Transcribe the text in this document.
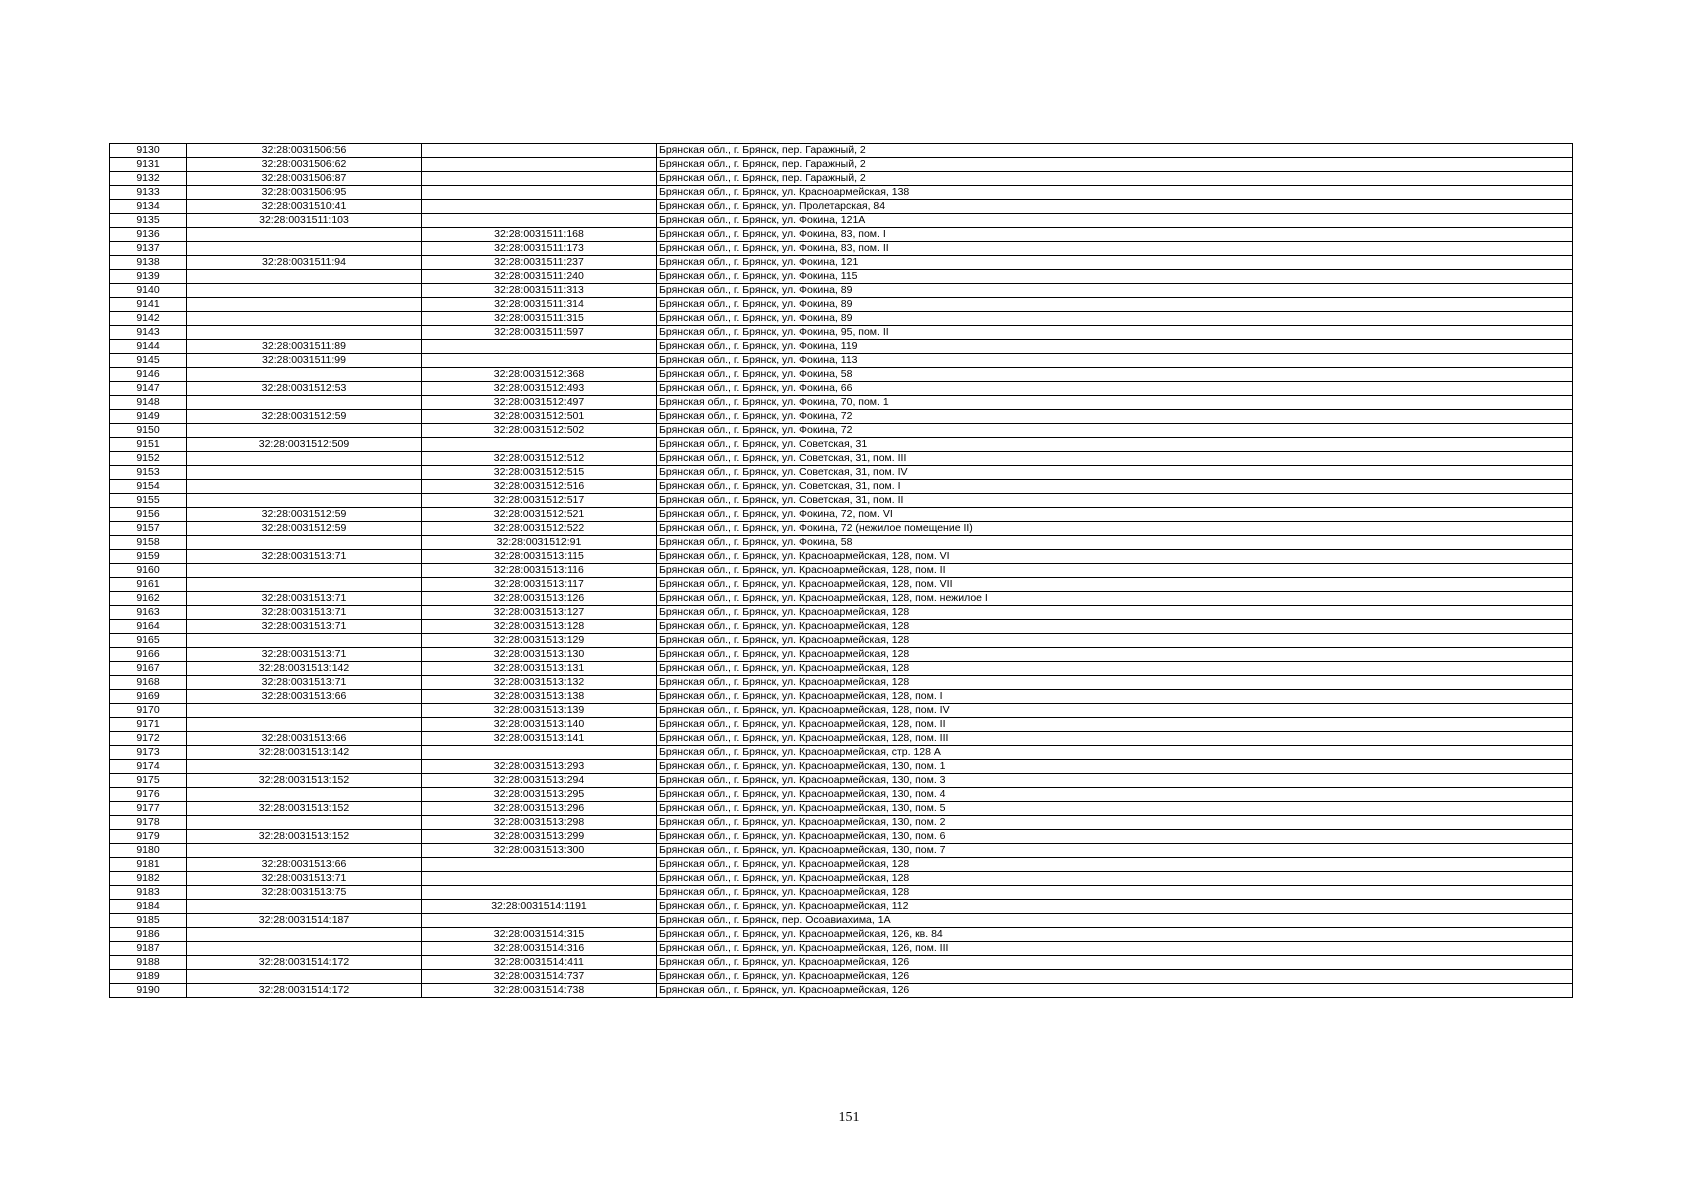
9130	32:28:0031506:56		Брянская обл., г. Брянск, пер. Гаражный, 2
9131	32:28:0031506:62		Брянская обл., г. Брянск, пер. Гаражный, 2
9132	32:28:0031506:87		Брянская обл., г. Брянск, пер. Гаражный, 2
9133	32:28:0031506:95		Брянская обл., г. Брянск, ул. Красноармейская, 138
9134	32:28:0031510:41		Брянская обл., г. Брянск, ул. Пролетарская, 84
9135	32:28:0031511:103		Брянская обл., г. Брянск, ул. Фокина, 121А
9136		32:28:0031511:168	Брянская обл., г. Брянск, ул. Фокина, 83, пом. I
9137		32:28:0031511:173	Брянская обл., г. Брянск, ул. Фокина, 83, пом. II
9138	32:28:0031511:94	32:28:0031511:237	Брянская обл., г. Брянск, ул. Фокина, 121
9139		32:28:0031511:240	Брянская обл., г. Брянск, ул. Фокина, 115
9140		32:28:0031511:313	Брянская обл., г. Брянск, ул. Фокина, 89
9141		32:28:0031511:314	Брянская обл., г. Брянск, ул. Фокина, 89
9142		32:28:0031511:315	Брянская обл., г. Брянск, ул. Фокина, 89
9143		32:28:0031511:597	Брянская обл., г. Брянск, ул. Фокина, 95, пом. II
9144	32:28:0031511:89		Брянская обл., г. Брянск, ул. Фокина, 119
9145	32:28:0031511:99		Брянская обл., г. Брянск, ул. Фокина, 113
9146		32:28:0031512:368	Брянская обл., г. Брянск, ул. Фокина, 58
9147	32:28:0031512:53	32:28:0031512:493	Брянская обл., г. Брянск, ул. Фокина, 66
9148		32:28:0031512:497	Брянская обл., г. Брянск, ул. Фокина, 70, пом. 1
9149	32:28:0031512:59	32:28:0031512:501	Брянская обл., г. Брянск, ул. Фокина, 72
9150		32:28:0031512:502	Брянская обл., г. Брянск, ул. Фокина, 72
9151	32:28:0031512:509		Брянская обл., г. Брянск, ул. Советская, 31
9152		32:28:0031512:512	Брянская обл., г. Брянск, ул. Советская, 31, пом. III
9153		32:28:0031512:515	Брянская обл., г. Брянск, ул. Советская, 31, пом. IV
9154		32:28:0031512:516	Брянская обл., г. Брянск, ул. Советская, 31, пом. I
9155		32:28:0031512:517	Брянская обл., г. Брянск, ул. Советская, 31, пом. II
9156	32:28:0031512:59	32:28:0031512:521	Брянская обл., г. Брянск, ул. Фокина, 72, пом. VI
9157	32:28:0031512:59	32:28:0031512:522	Брянская обл., г. Брянск, ул. Фокина, 72 (нежилое помещение II)
9158		32:28:0031512:91	Брянская обл., г. Брянск, ул. Фокина, 58
9159	32:28:0031513:71	32:28:0031513:115	Брянская обл., г. Брянск, ул. Красноармейская, 128, пом. VI
9160		32:28:0031513:116	Брянская обл., г. Брянск, ул. Красноармейская, 128, пом. II
9161		32:28:0031513:117	Брянская обл., г. Брянск, ул. Красноармейская, 128, пом. VII
9162	32:28:0031513:71	32:28:0031513:126	Брянская обл., г. Брянск, ул. Красноармейская, 128, пом. нежилое I
9163	32:28:0031513:71	32:28:0031513:127	Брянская обл., г. Брянск, ул. Красноармейская, 128
9164	32:28:0031513:71	32:28:0031513:128	Брянская обл., г. Брянск, ул. Красноармейская, 128
9165		32:28:0031513:129	Брянская обл., г. Брянск, ул. Красноармейская, 128
9166	32:28:0031513:71	32:28:0031513:130	Брянская обл., г. Брянск, ул. Красноармейская, 128
9167	32:28:0031513:142	32:28:0031513:131	Брянская обл., г. Брянск, ул. Красноармейская, 128
9168	32:28:0031513:71	32:28:0031513:132	Брянская обл., г. Брянск, ул. Красноармейская, 128
9169	32:28:0031513:66	32:28:0031513:138	Брянская обл., г. Брянск, ул. Красноармейская, 128, пом. I
9170		32:28:0031513:139	Брянская обл., г. Брянск, ул. Красноармейская, 128, пом. IV
9171		32:28:0031513:140	Брянская обл., г. Брянск, ул. Красноармейская, 128, пом. II
9172	32:28:0031513:66	32:28:0031513:141	Брянская обл., г. Брянск, ул. Красноармейская, 128, пом. III
9173	32:28:0031513:142		Брянская обл., г. Брянск, ул. Красноармейская, стр. 128 А
9174		32:28:0031513:293	Брянская обл., г. Брянск, ул. Красноармейская, 130, пом. 1
9175	32:28:0031513:152	32:28:0031513:294	Брянская обл., г. Брянск, ул. Красноармейская, 130, пом. 3
9176		32:28:0031513:295	Брянская обл., г. Брянск, ул. Красноармейская, 130, пом. 4
9177	32:28:0031513:152	32:28:0031513:296	Брянская обл., г. Брянск, ул. Красноармейская, 130, пом. 5
9178		32:28:0031513:298	Брянская обл., г. Брянск, ул. Красноармейская, 130, пом. 2
9179	32:28:0031513:152	32:28:0031513:299	Брянская обл., г. Брянск, ул. Красноармейская, 130, пом. 6
9180		32:28:0031513:300	Брянская обл., г. Брянск, ул. Красноармейская, 130, пом. 7
9181	32:28:0031513:66		Брянская обл., г. Брянск, ул. Красноармейская, 128
9182	32:28:0031513:71		Брянская обл., г. Брянск, ул. Красноармейская, 128
9183	32:28:0031513:75		Брянская обл., г. Брянск, ул. Красноармейская, 128
9184		32:28:0031514:1191	Брянская обл., г. Брянск, ул. Красноармейская, 112
9185	32:28:0031514:187		Брянская обл., г. Брянск, пер. Осоавиахима, 1А
9186		32:28:0031514:315	Брянская обл., г. Брянск, ул. Красноармейская, 126, кв. 84
9187		32:28:0031514:316	Брянская обл., г. Брянск, ул. Красноармейская, 126, пом. III
9188	32:28:0031514:172	32:28:0031514:411	Брянская обл., г. Брянск, ул. Красноармейская, 126
9189		32:28:0031514:737	Брянская обл., г. Брянск, ул. Красноармейская, 126
9190	32:28:0031514:172	32:28:0031514:738	Брянская обл., г. Брянск, ул. Красноармейская, 126
151
